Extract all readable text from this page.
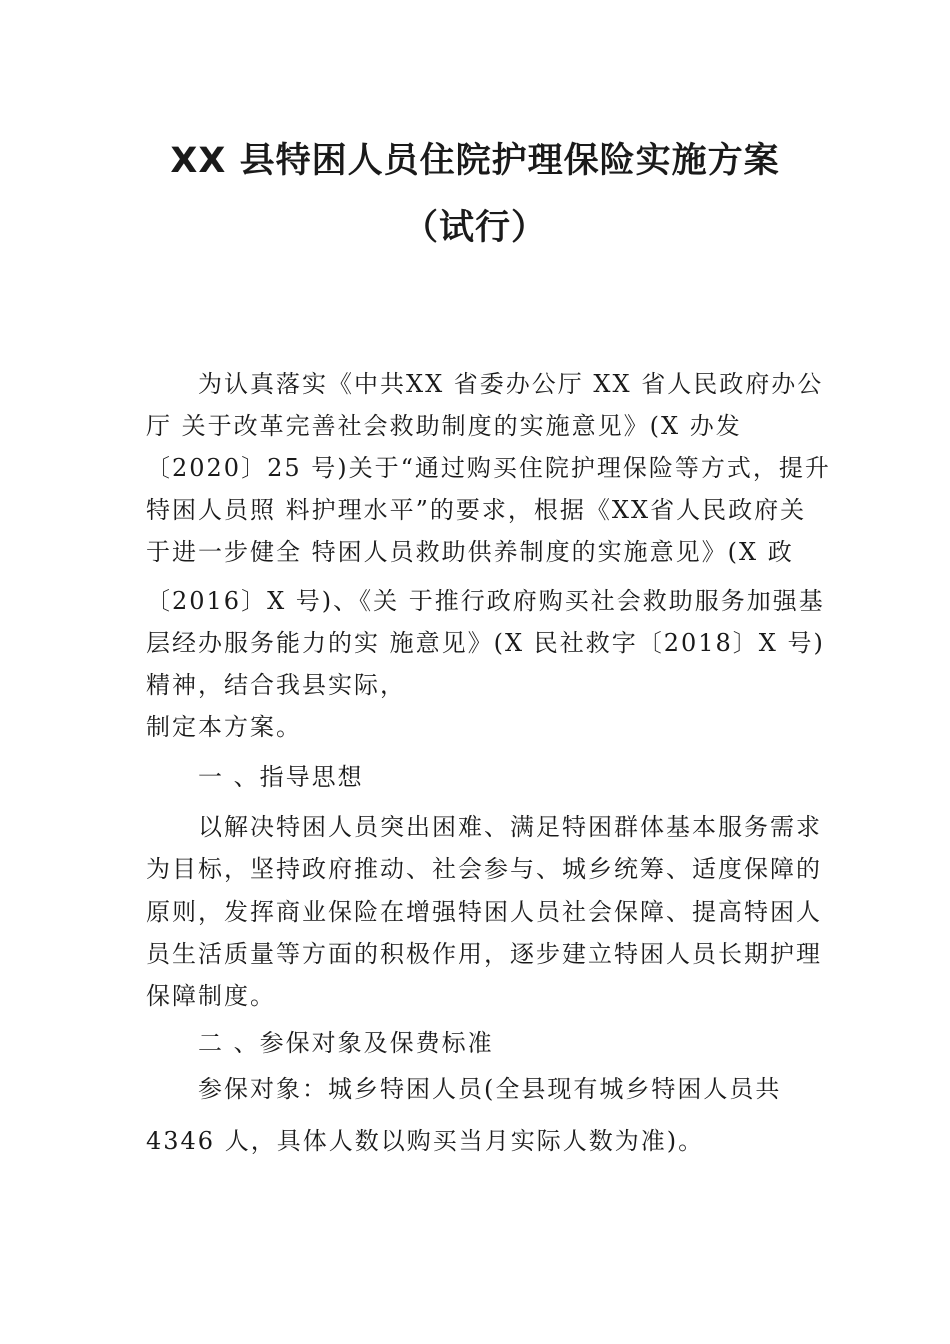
XX 县特困人员住院护理保险实施方案
（试行）
为认真落实《中共XX 省委办公厅 XX 省人民政府办公
厅 关于改革完善社会救助制度的实施意见》(X 办发
〔2020〕25 号)关于“通过购买住院护理保险等方式，提升
特困人员照 料护理水平”的要求，根据《XX省人民政府关
于进一步健全 特困人员救助供养制度的实施意见》(X 政
〔2016〕X 号)、《关 于推行政府购买社会救助服务加强基
层经办服务能力的实 施意见》(X 民社救字〔2018〕X 号)
精神，结合我县实际，
制定本方案。
一 、指导思想
以解决特困人员突出困难、满足特困群体基本服务需求
为目标，坚持政府推动、社会参与、城乡统筹、适度保障的
原则，发挥商业保险在增强特困人员社会保障、提高特困人
员生活质量等方面的积极作用，逐步建立特困人员长期护理
保障制度。
二 、参保对象及保费标准
参保对象：城乡特困人员(全县现有城乡特困人员共
4346 人，具体人数以购买当月实际人数为准)。
